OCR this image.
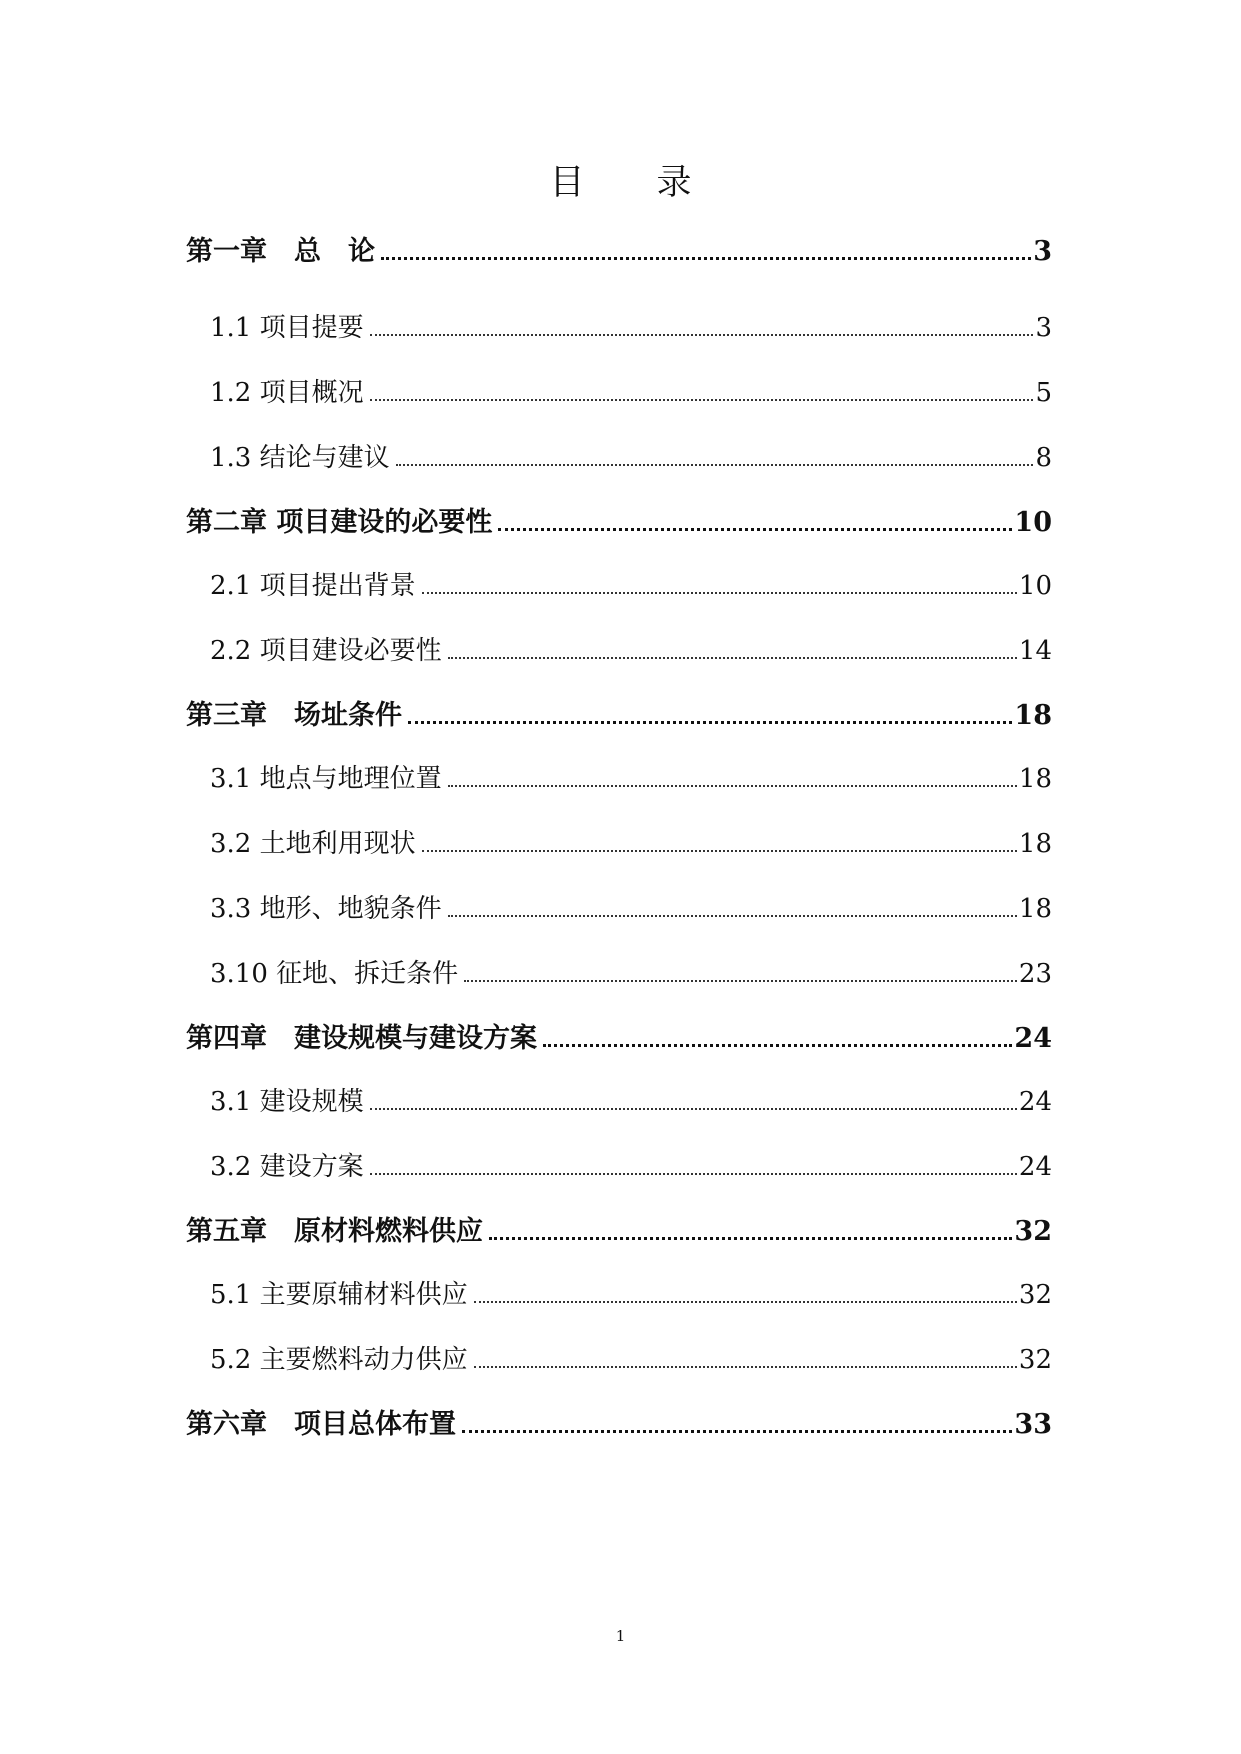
目 录
第一章　总　论	3
1.1 项目提要	3
1.2 项目概况	5
1.3 结论与建议	8
第二章 项目建设的必要性	10
2.1 项目提出背景	10
2.2 项目建设必要性	14
第三章　场址条件	18
3.1 地点与地理位置	18
3.2 土地利用现状	18
3.3 地形、地貌条件	18
3.10 征地、拆迁条件	23
第四章　建设规模与建设方案	24
3.1 建设规模	24
3.2 建设方案	24
第五章　原材料燃料供应	32
5.1 主要原辅材料供应	32
5.2 主要燃料动力供应	32
第六章　项目总体布置	33
1
